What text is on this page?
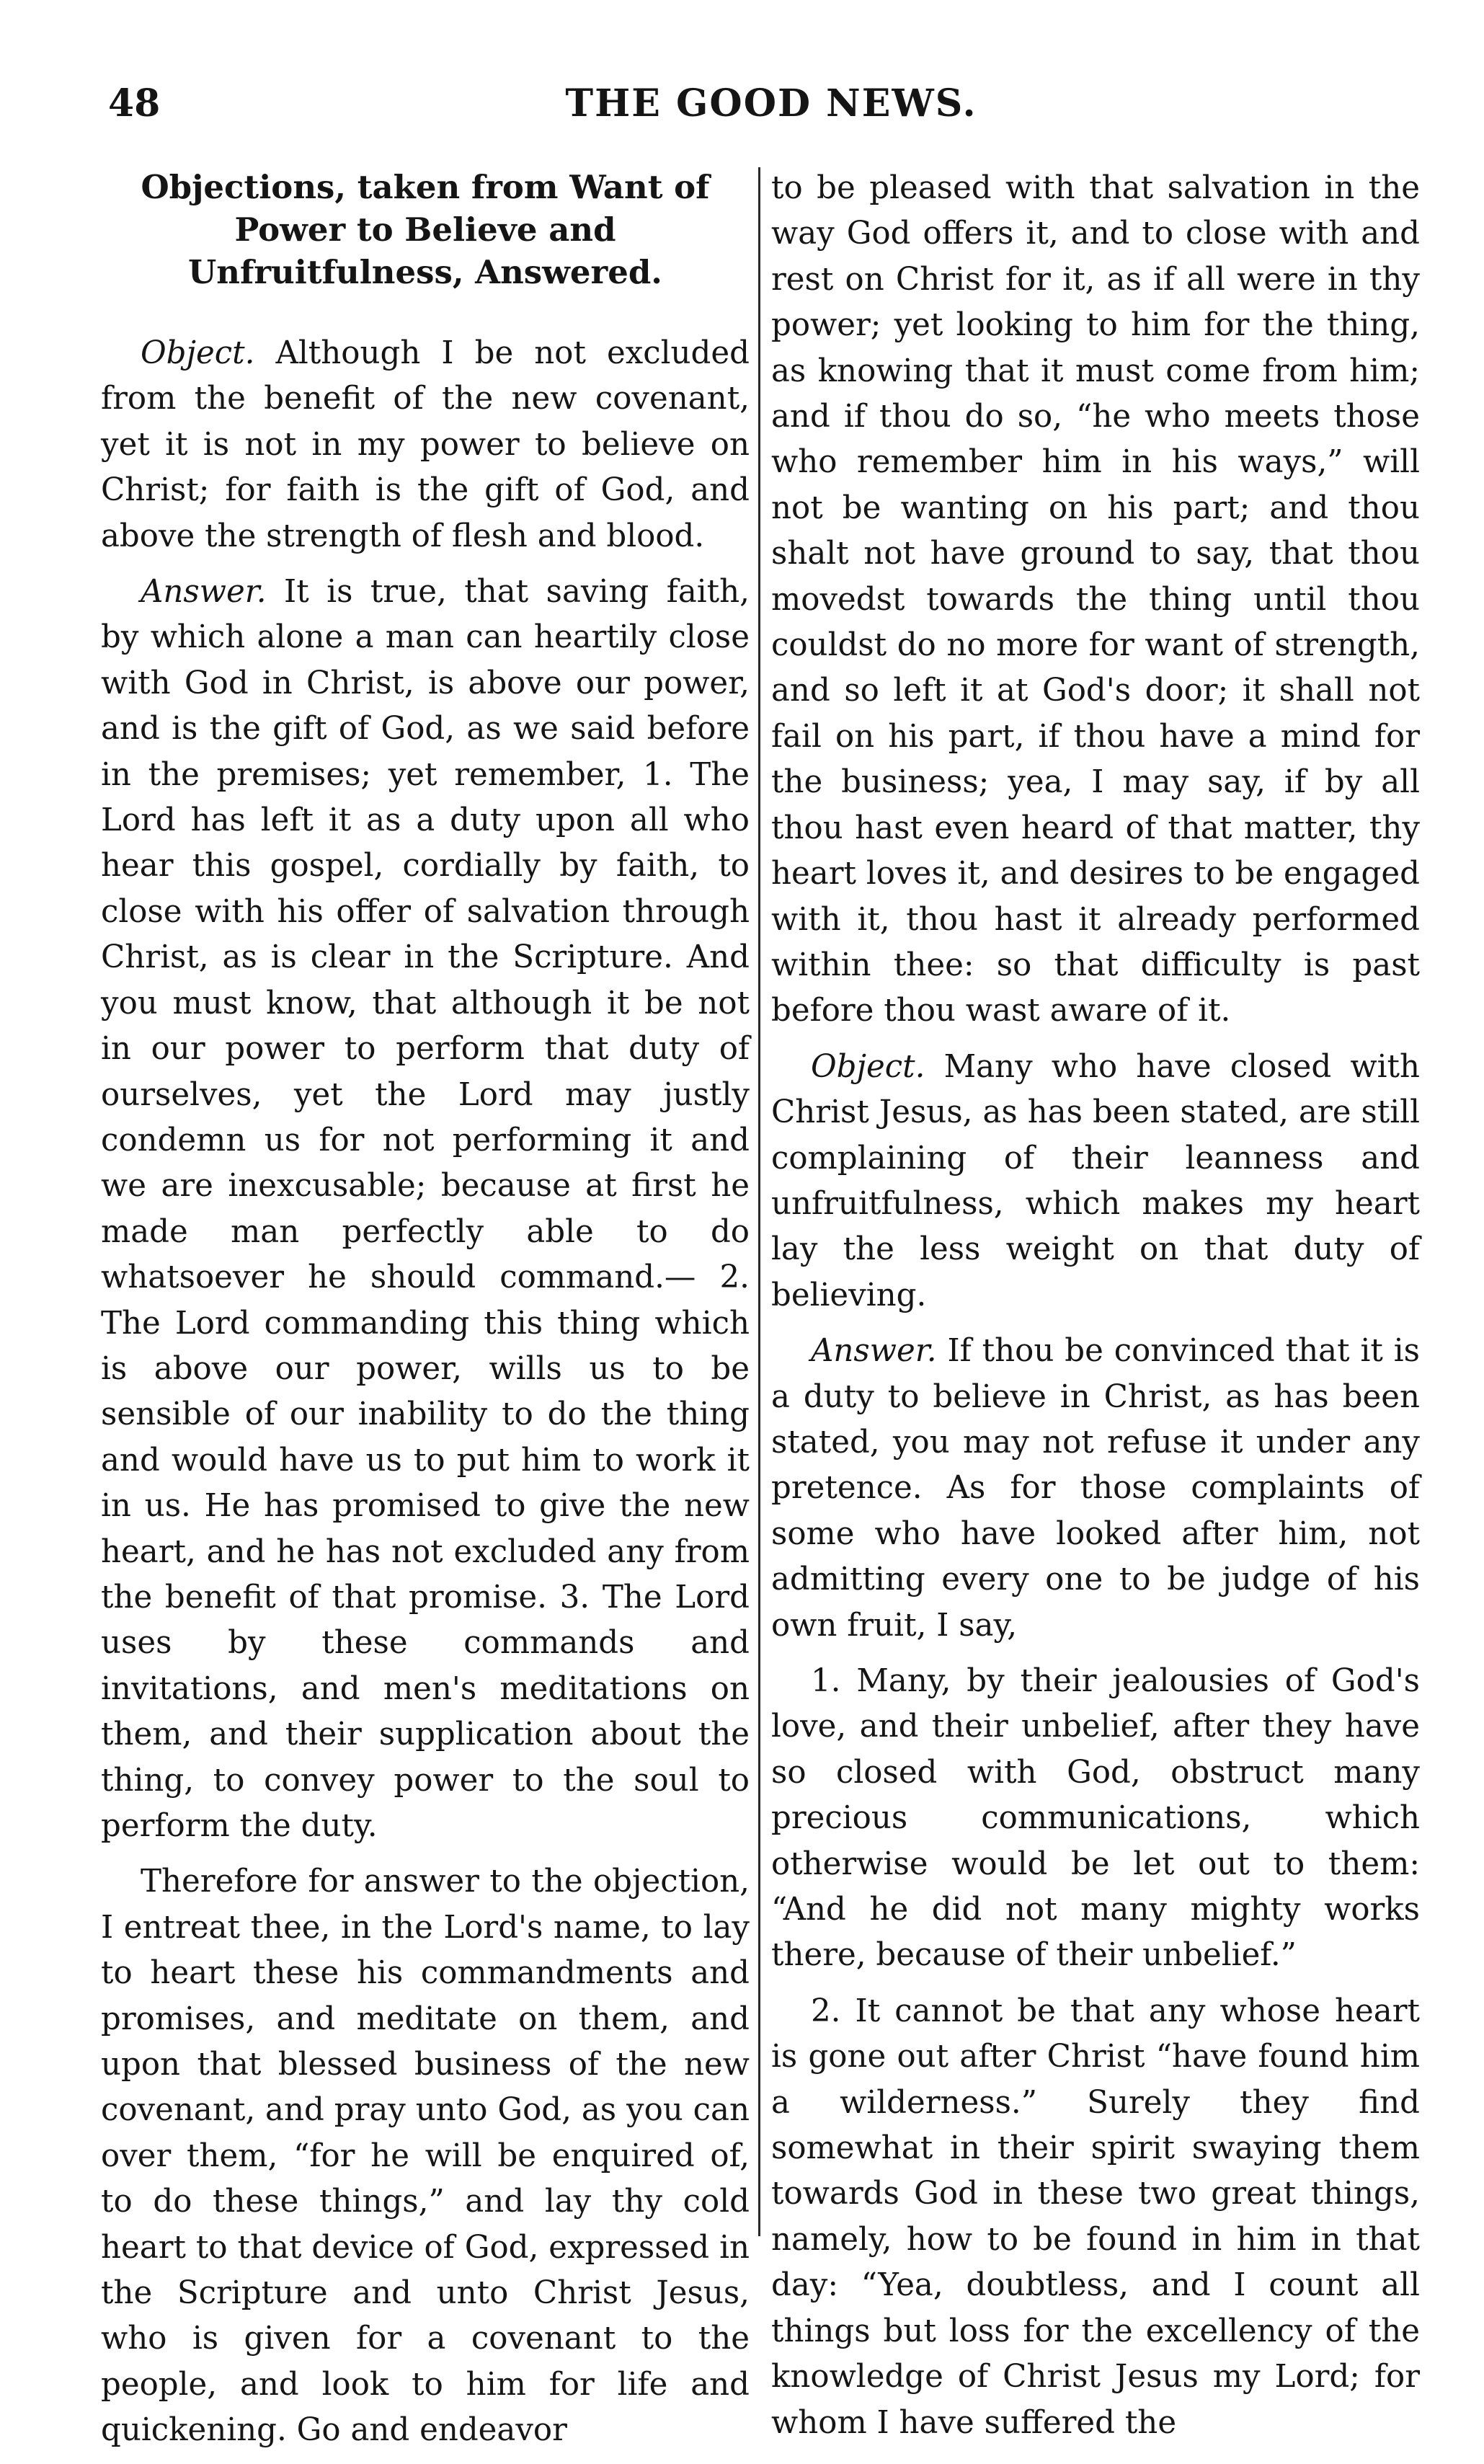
48	THE GOOD NEWS.
Objections, taken from Want of Power to Believe and Unfruitfulness, Answered.

Object. Although I be not excluded from the benefit of the new covenant, yet it is not in my power to believe on Christ; for faith is the gift of God, and above the strength of flesh and blood.

Answer. It is true, that saving faith, by which alone a man can heartily close with God in Christ, is above our power, and is the gift of God, as we said before in the premises; yet remember, 1. The Lord has left it as a duty upon all who hear this gospel, cordially by faith, to close with his offer of salvation through Christ, as is clear in the Scripture. And you must know, that although it be not in our power to perform that duty of ourselves, yet the Lord may justly condemn us for not performing it and we are inexcusable; because at first he made man perfectly able to do whatsoever he should command.— 2. The Lord commanding this thing which is above our power, wills us to be sensible of our inability to do the thing and would have us to put him to work it in us. He has promised to give the new heart, and he has not excluded any from the benefit of that promise. 3. The Lord uses by these commands and invitations, and men's meditations on them, and their supplication about the thing, to convey power to the soul to perform the duty.

Therefore for answer to the objection, I entreat thee, in the Lord's name, to lay to heart these his commandments and promises, and meditate on them, and upon that blessed business of the new covenant, and pray unto God, as you can over them, “for he will be enquired of, to do these things,” and lay thy cold heart to that device of God, expressed in the Scripture and unto Christ Jesus, who is given for a covenant to the people, and look to him for life and quickening. Go and endeavor

to be pleased with that salvation in the way God offers it, and to close with and rest on Christ for it, as if all were in thy power; yet looking to him for the thing, as knowing that it must come from him; and if thou do so, “he who meets those who remember him in his ways,” will not be wanting on his part; and thou shalt not have ground to say, that thou movedst towards the thing until thou couldst do no more for want of strength, and so left it at God's door; it shall not fail on his part, if thou have a mind for the business; yea, I may say, if by all thou hast even heard of that matter, thy heart loves it, and desires to be engaged with it, thou hast it already performed within thee: so that difficulty is past before thou wast aware of it.

Object. Many who have closed with Christ Jesus, as has been stated, are still complaining of their leanness and unfruitfulness, which makes my heart lay the less weight on that duty of believing.

Answer. If thou be convinced that it is a duty to believe in Christ, as has been stated, you may not refuse it under any pretence. As for those complaints of some who have looked after him, not admitting every one to be judge of his own fruit, I say,

1. Many, by their jealousies of God's love, and their unbelief, after they have so closed with God, obstruct many precious communications, which otherwise would be let out to them: “And he did not many mighty works there, because of their unbelief.”

2. It cannot be that any whose heart is gone out after Christ “have found him a wilderness.” Surely they find somewhat in their spirit swaying them towards God in these two great things, namely, how to be found in him in that day: “Yea, doubtless, and I count all things but loss for the excellency of the knowledge of Christ Jesus my Lord; for whom I have suffered the
